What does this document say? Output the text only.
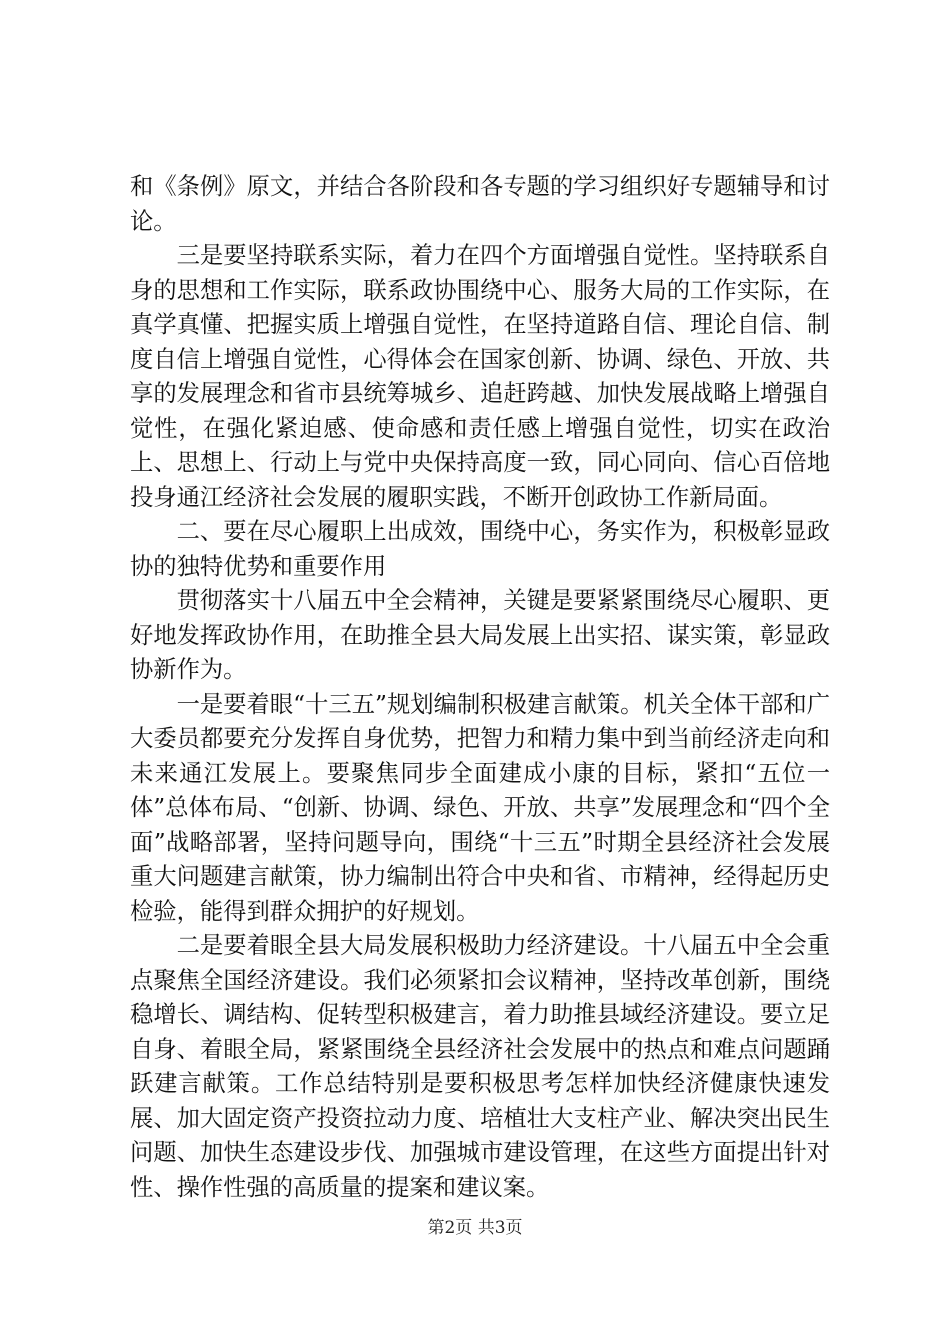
和《条例》原文，并结合各阶段和各专题的学习组织好专题辅导和讨论。

三是要坚持联系实际，着力在四个方面增强自觉性。坚持联系自身的思想和工作实际，联系政协围绕中心、服务大局的工作实际，在真学真懂、把握实质上增强自觉性，在坚持道路自信、理论自信、制度自信上增强自觉性，心得体会在国家创新、协调、绿色、开放、共享的发展理念和省市县统筹城乡、追赶跨越、加快发展战略上增强自觉性，在强化紧迫感、使命感和责任感上增强自觉性，切实在政治上、思想上、行动上与党中央保持高度一致，同心同向、信心百倍地投身通江经济社会发展的履职实践，不断开创政协工作新局面。

二、要在尽心履职上出成效，围绕中心，务实作为，积极彰显政协的独特优势和重要作用

贯彻落实十八届五中全会精神，关键是要紧紧围绕尽心履职、更好地发挥政协作用，在助推全县大局发展上出实招、谋实策，彰显政协新作为。

一是要着眼“十三五”规划编制积极建言献策。机关全体干部和广大委员都要充分发挥自身优势，把智力和精力集中到当前经济走向和未来通江发展上。要聚焦同步全面建成小康的目标，紧扣“五位一体”总体布局、“创新、协调、绿色、开放、共享”发展理念和“四个全面”战略部署，坚持问题导向，围绕“十三五”时期全县经济社会发展重大问题建言献策，协力编制出符合中央和省、市精神，经得起历史检验，能得到群众拥护的好规划。

二是要着眼全县大局发展积极助力经济建设。十八届五中全会重点聚焦全国经济建设。我们必须紧扣会议精神，坚持改革创新，围绕稳增长、调结构、促转型积极建言，着力助推县域经济建设。要立足自身、着眼全局，紧紧围绕全县经济社会发展中的热点和难点问题踊跃建言献策。工作总结特别是要积极思考怎样加快经济健康快速发展、加大固定资产投资拉动力度、培植壮大支柱产业、解决突出民生问题、加快生态建设步伐、加强城市建设管理，在这些方面提出针对性、操作性强的高质量的提案和建议案。

第2页 共3页
